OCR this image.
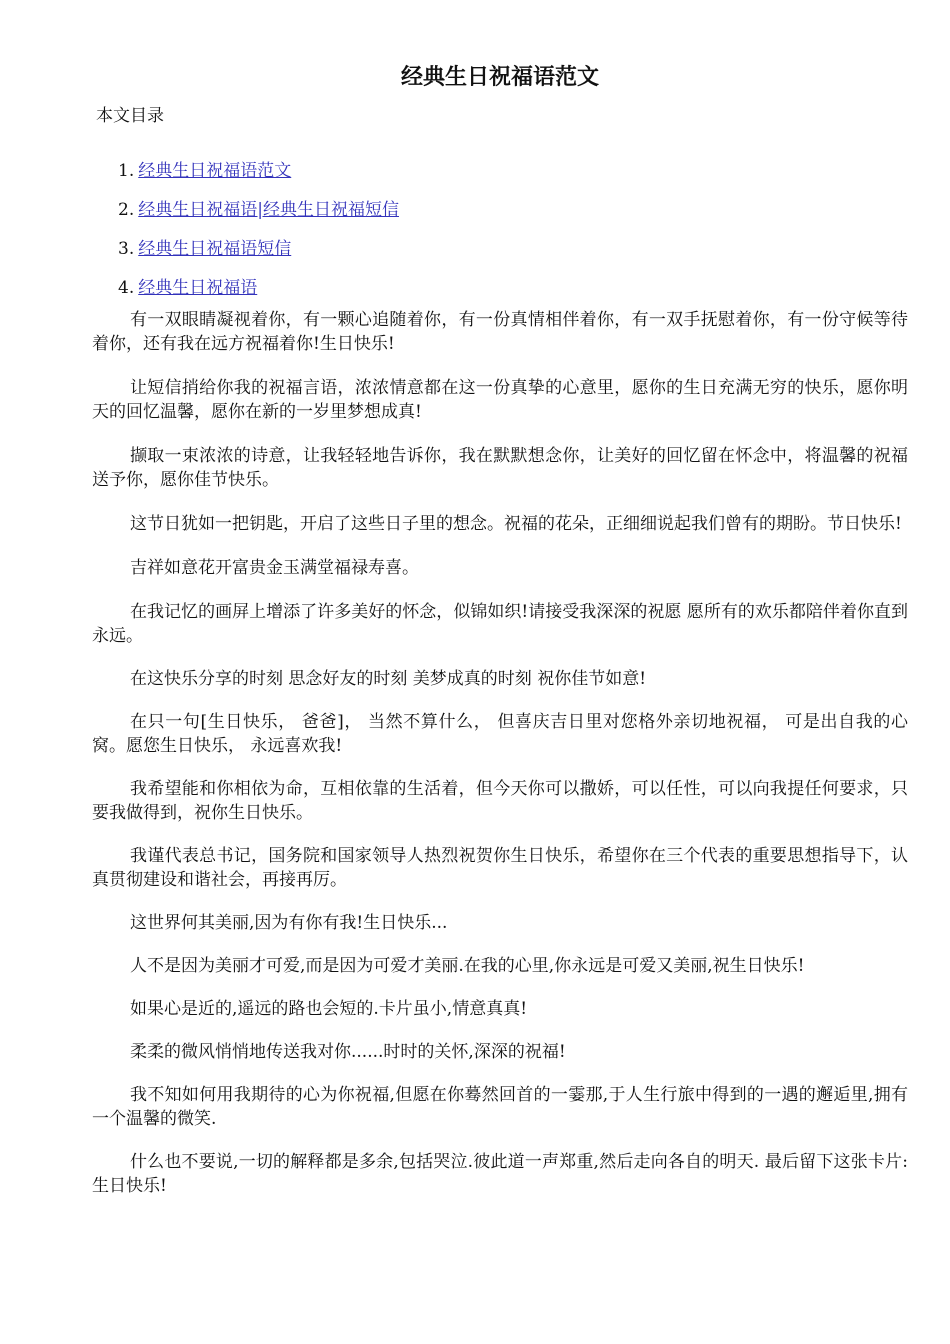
经典生日祝福语范文
本文目录
1. 经典生日祝福语范文
2. 经典生日祝福语|经典生日祝福短信
3. 经典生日祝福语短信
4. 经典生日祝福语

有一双眼睛凝视着你，有一颗心追随着你，有一份真情相伴着你，有一双手抚慰着你，有一份守候等待着你，还有我在远方祝福着你!生日快乐!

让短信捎给你我的祝福言语，浓浓情意都在这一份真挚的心意里，愿你的生日充满无穷的快乐，愿你明天的回忆温馨，愿你在新的一岁里梦想成真!

撷取一束浓浓的诗意，让我轻轻地告诉你，我在默默想念你，让美好的回忆留在怀念中，将温馨的祝福送予你，愿你佳节快乐。

这节日犹如一把钥匙，开启了这些日子里的想念。祝福的花朵，正细细说起我们曾有的期盼。节日快乐!

吉祥如意花开富贵金玉满堂福禄寿喜。

在我记忆的画屏上增添了许多美好的怀念，似锦如织!请接受我深深的祝愿 愿所有的欢乐都陪伴着你直到永远。

在这快乐分享的时刻 思念好友的时刻 美梦成真的时刻 祝你佳节如意!

在只一句[生日快乐， 爸爸]， 当然不算什么， 但喜庆吉日里对您格外亲切地祝福， 可是出自我的心窝。愿您生日快乐， 永远喜欢我!

我希望能和你相依为命，互相依靠的生活着，但今天你可以撒娇，可以任性，可以向我提任何要求，只要我做得到，祝你生日快乐。

我谨代表总书记，国务院和国家领导人热烈祝贺你生日快乐，希望你在三个代表的重要思想指导下，认真贯彻建设和谐社会，再接再厉。

这世界何其美丽,因为有你有我!生日快乐...

人不是因为美丽才可爱,而是因为可爱才美丽.在我的心里,你永远是可爱又美丽,祝生日快乐!

如果心是近的,遥远的路也会短的.卡片虽小,情意真真!

柔柔的微风悄悄地传送我对你......时时的关怀,深深的祝福!

我不知如何用我期待的心为你祝福,但愿在你蓦然回首的一霎那,于人生行旅中得到的一遇的邂逅里,拥有一个温馨的微笑.

什么也不要说,一切的解释都是多余,包括哭泣.彼此道一声郑重,然后走向各自的明天. 最后留下这张卡片:生日快乐!
